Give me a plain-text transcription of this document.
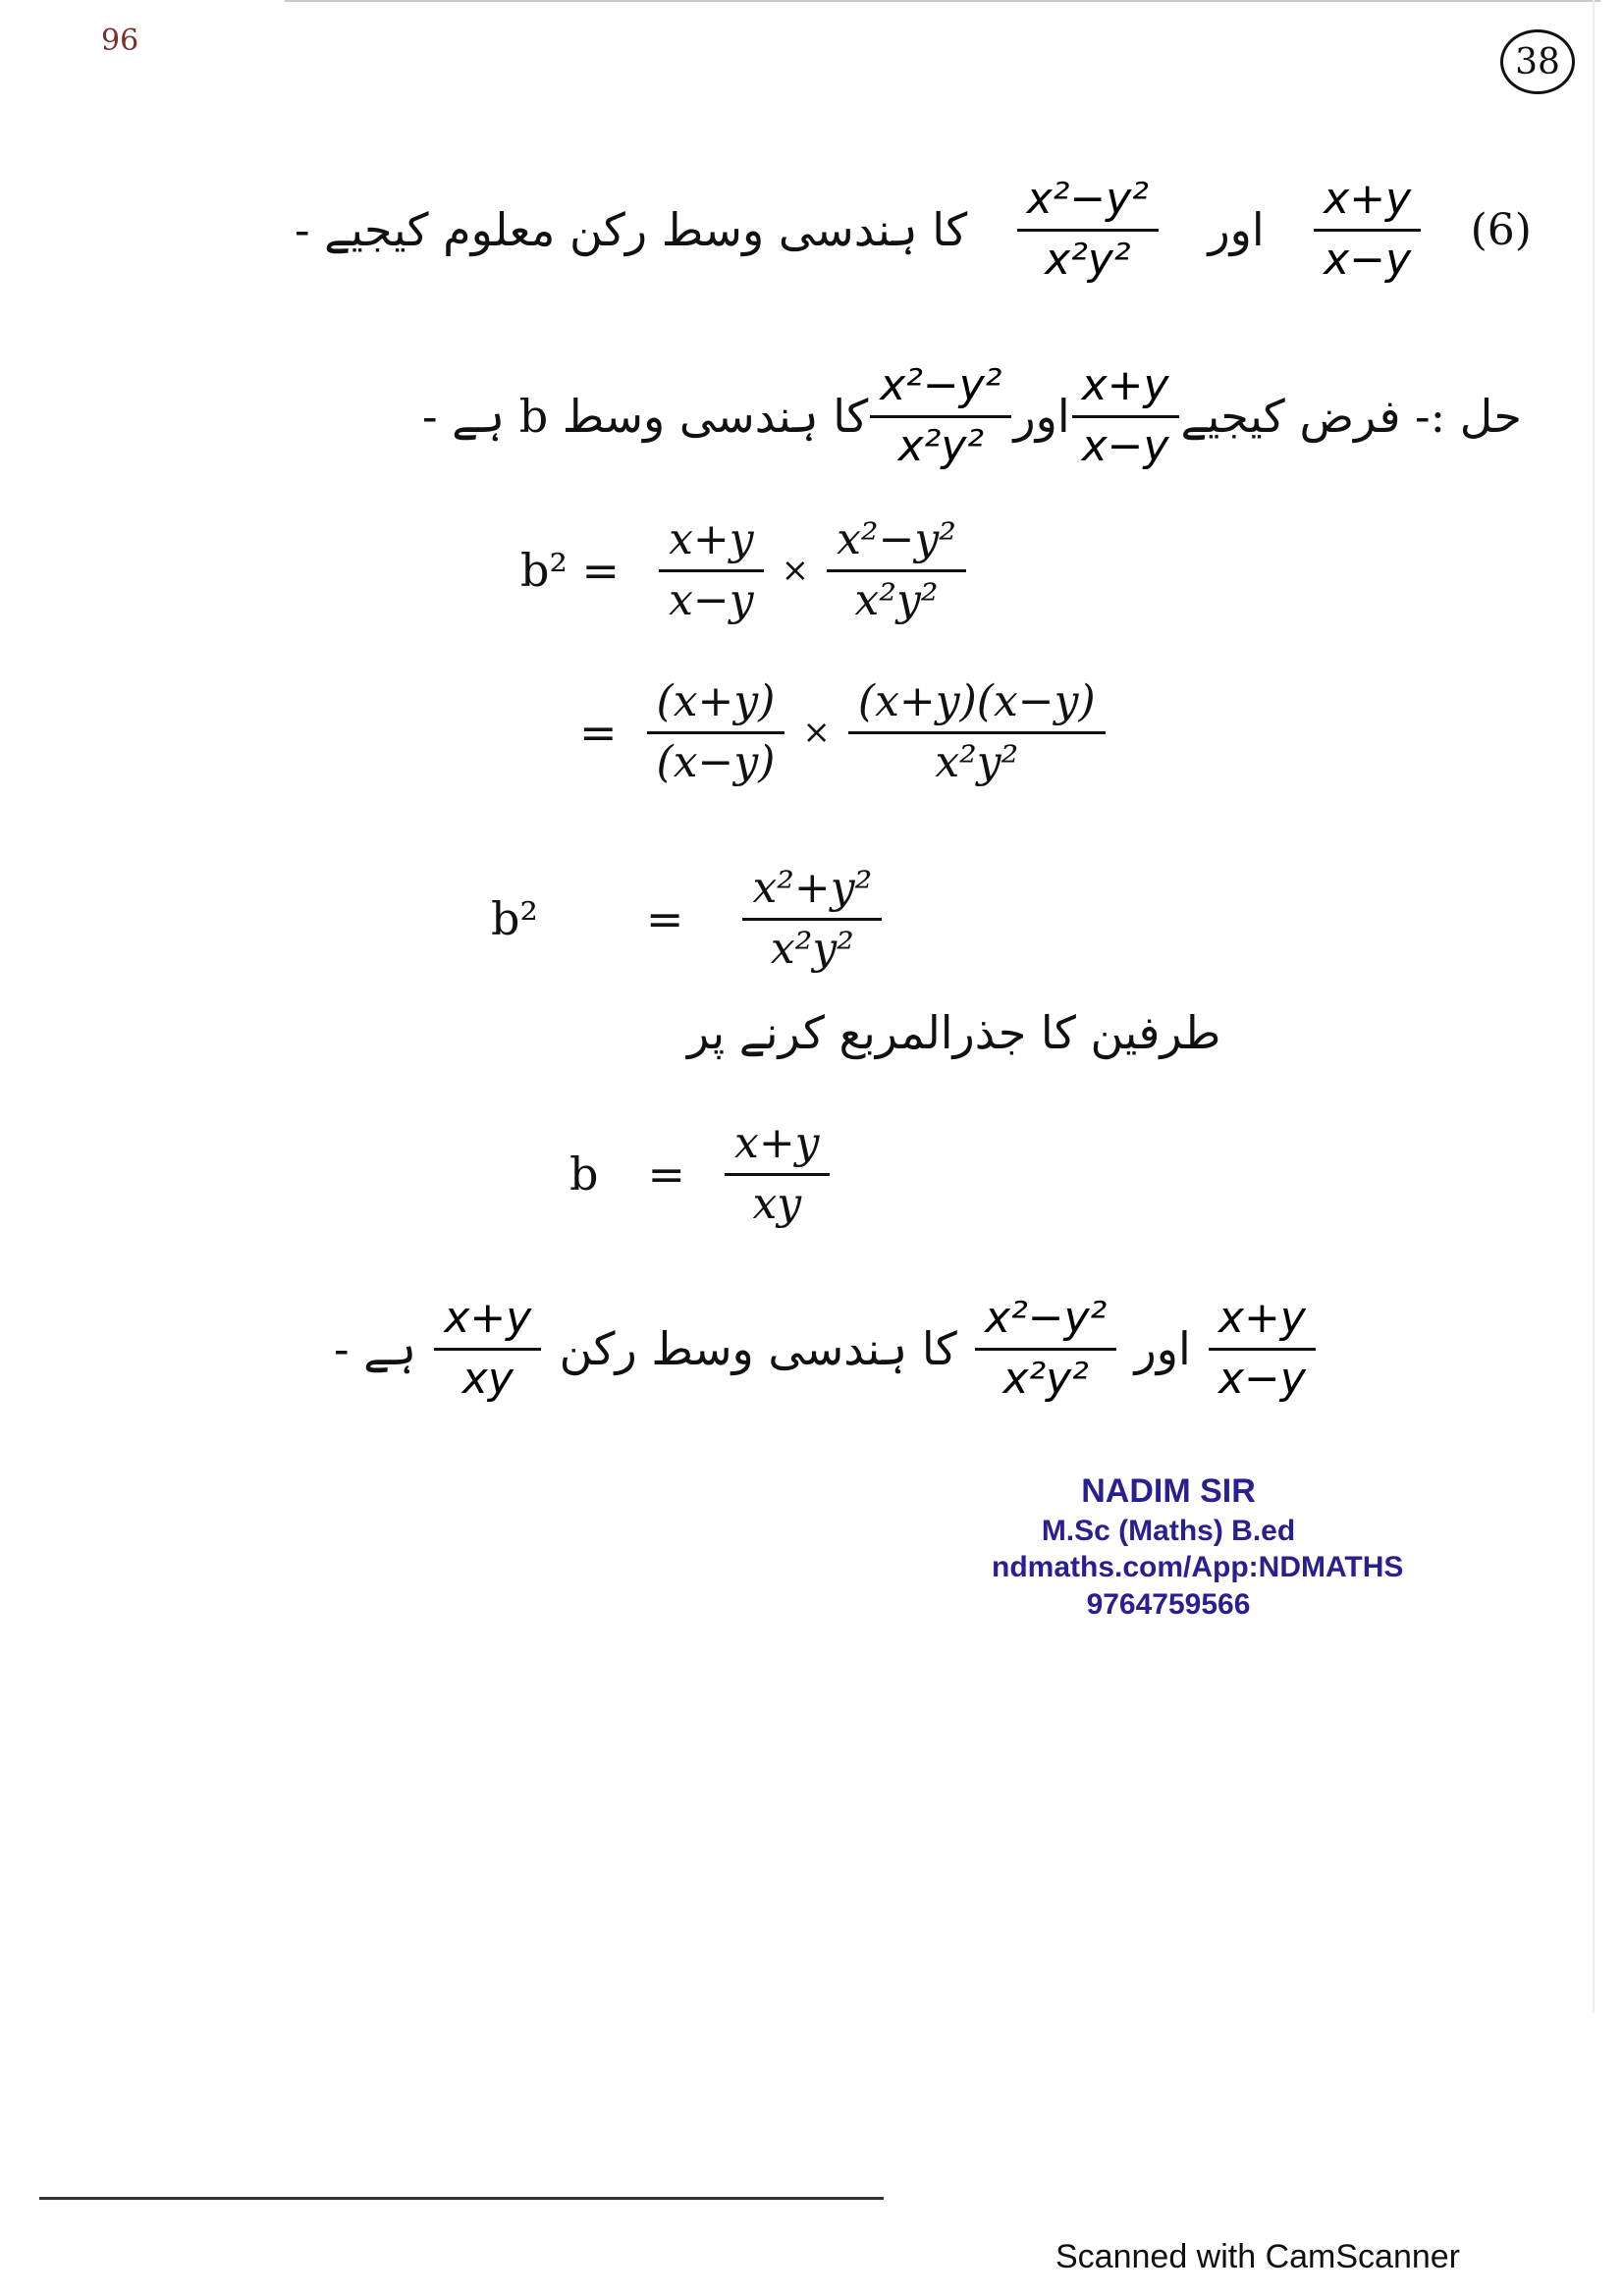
96
38
کا ہندسی وسط رکن معلوم کیجیے - $\frac{\text{x²−y²}}{\text{x²y²}}$ اور $\frac{x+y}{x-y} (6)$
کا ہندسی وسط b ہے - $\frac{\text{x²−y²}}{\text{x²y²}}$ اور $\frac{x+y}{x-y}$ حل :- فرض کیجیے
$b^2 = \frac{x+y}{x-y} \times \frac{\text{x²−y²}}{\text{x²y²}}$
= $\frac{(x+y)}{(x-y)} \times \frac{(x+y)(x-y)}{\text{x²y²}}$
$b^2 = \frac{\text{x²+y²}}{\text{x²y²}}$
طرفین کا جذرالمربع کرنے پر
$b = \frac{x+y}{xy}$
ہے - $\frac{x+y}{xy}$ کا ہندسی وسط رکن $\frac{\text{x²−y²}}{\text{x²y²}}$ اور $\frac{x+y}{x-y}$
NADIM SIR
M.Sc (Maths) B.ed
ndmaths.com/App:NDMATHS
9764759566
Scanned with CamScanner
